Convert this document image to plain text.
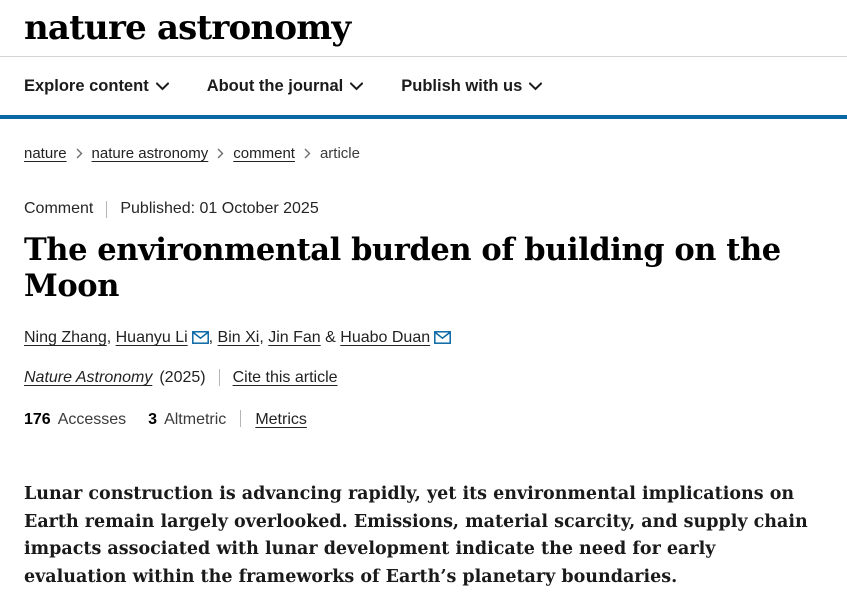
nature astronomy
Explore content	About the journal	Publish with us
nature nature astronomy comment article
Comment Published: 01 October 2025
The environmental burden of building on the Moon
Ning Zhang, Huanyu Li , Bin Xi, Jin Fan & Huabo Duan
Nature Astronomy (2025) Cite this article
176 Accesses 3 Altmetric Metrics

Lunar construction is advancing rapidly, yet its environmental implications on Earth remain largely overlooked. Emissions, material scarcity, and supply chain impacts associated with lunar development indicate the need for early evaluation within the frameworks of Earth’s planetary boundaries.
